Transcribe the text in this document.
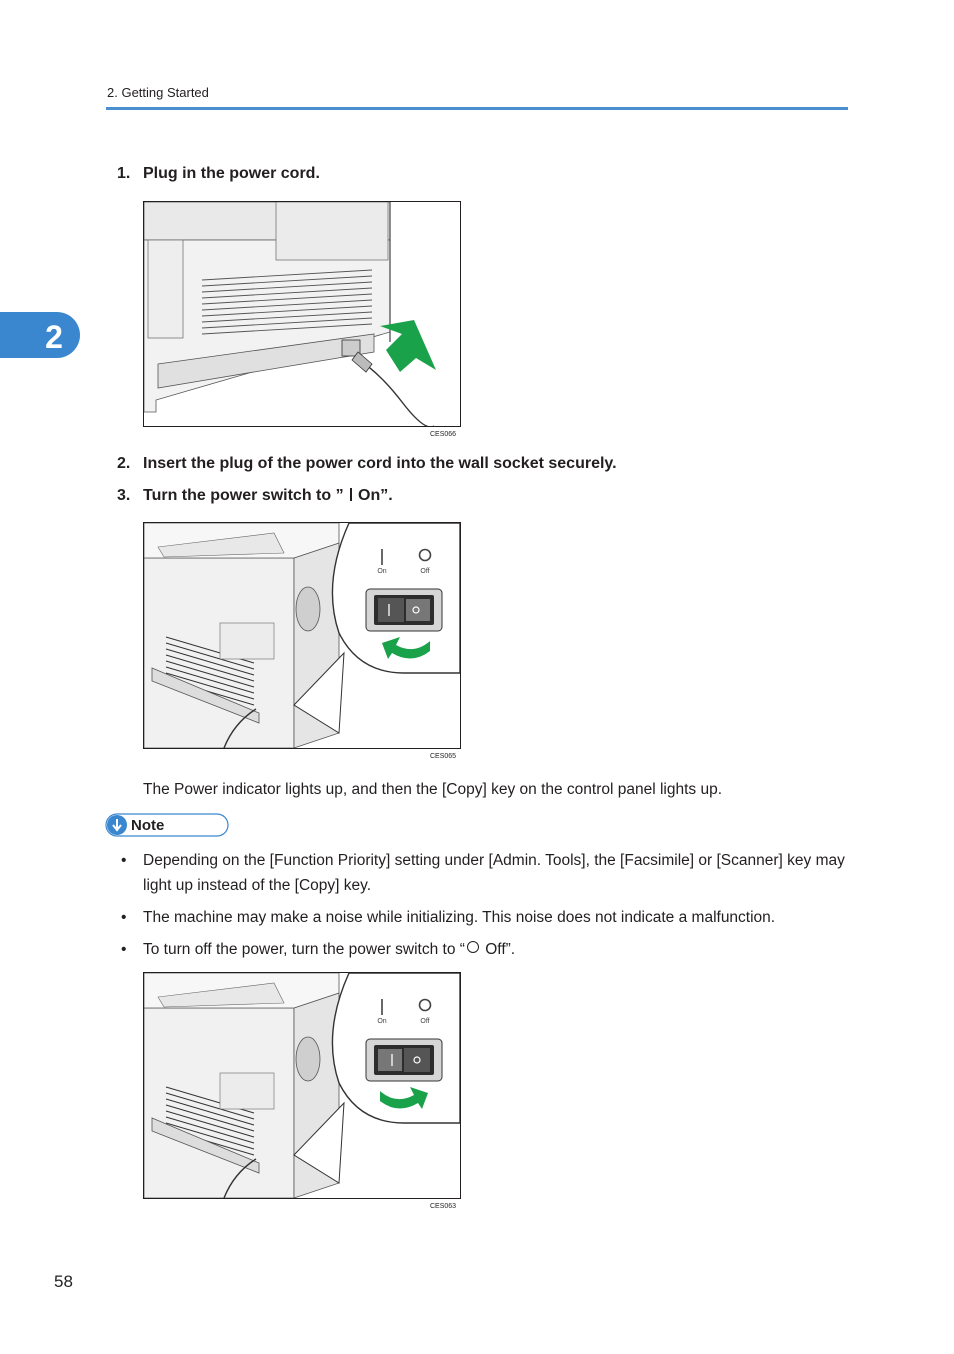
2. Getting Started
2
1. Plug in the power cord.
CES066
2. Insert the plug of the power cord into the wall socket securely.
3. Turn the power switch to ” On”.
On	Off
CES065
The Power indicator lights up, and then the [Copy] key on the control panel lights up.
Note
• Depending on the [Function Priority] setting under [Admin. Tools], the [Facsimile] or [Scanner] key may light up instead of the [Copy] key.
• The machine may make a noise while initializing. This noise does not indicate a malfunction.
• To turn off the power, turn the power switch to “ Off”.
On	Off
CES063
58
